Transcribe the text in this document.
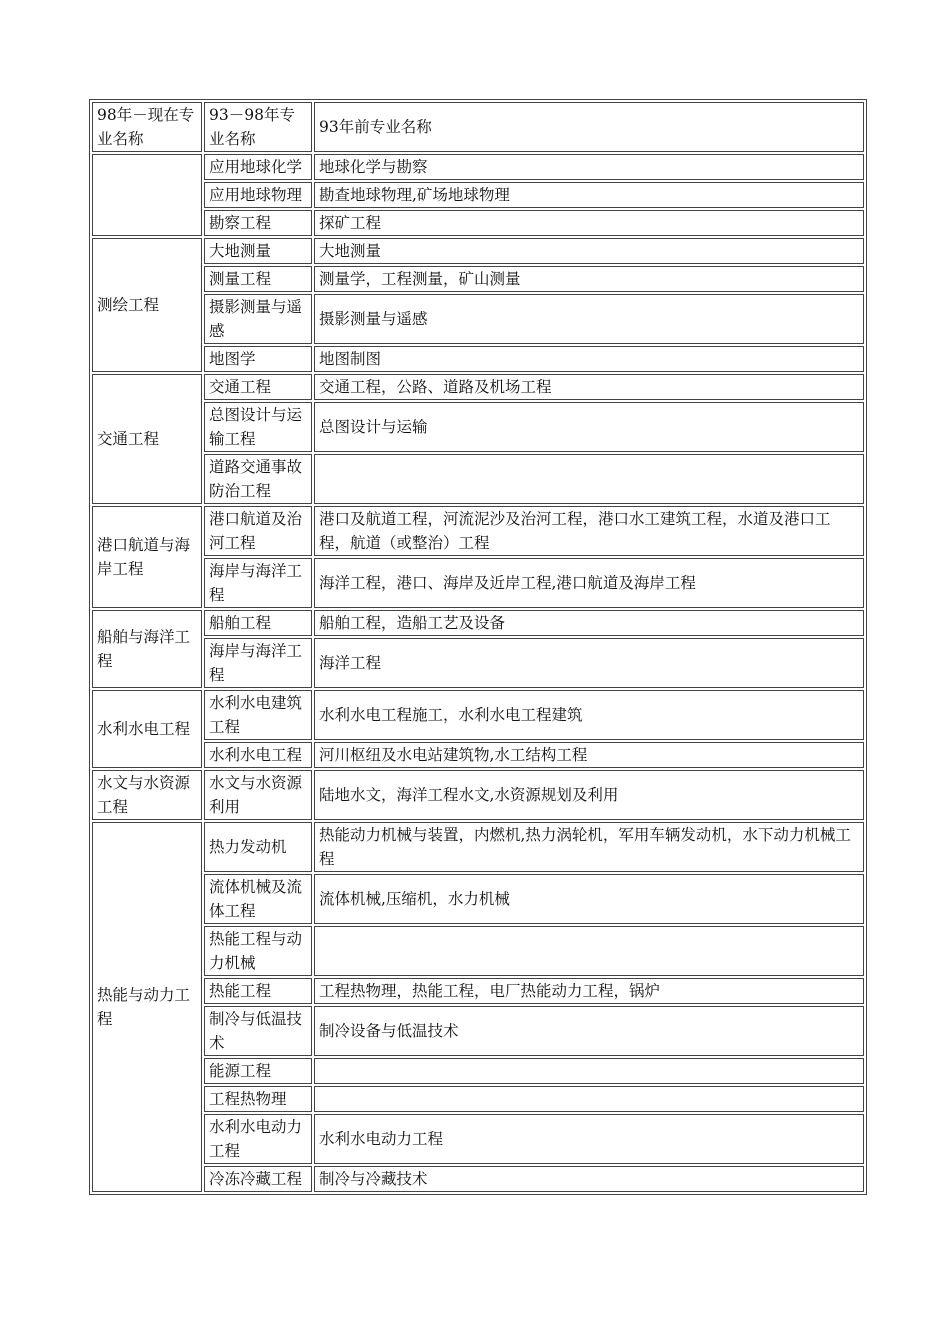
98年－现在专业名称	93－98年专业名称	93年前专业名称
	应用地球化学	地球化学与勘察
	应用地球物理	勘查地球物理,矿场地球物理
	勘察工程	探矿工程
测绘工程	大地测量	大地测量
	测量工程	测量学，工程测量，矿山测量
	摄影测量与遥感	摄影测量与遥感
	地图学	地图制图
交通工程	交通工程	交通工程，公路、道路及机场工程
	总图设计与运输工程	总图设计与运输
	道路交通事故防治工程	
港口航道与海岸工程	港口航道及治河工程	港口及航道工程，河流泥沙及治河工程，港口水工建筑工程，水道及港口工程，航道（或整治）工程
	海岸与海洋工程	海洋工程，港口、海岸及近岸工程,港口航道及海岸工程
船舶与海洋工程	船舶工程	船舶工程，造船工艺及设备
	海岸与海洋工程	海洋工程
水利水电工程	水利水电建筑工程	水利水电工程施工，水利水电工程建筑
	水利水电工程	河川枢纽及水电站建筑物,水工结构工程
水文与水资源工程	水文与水资源利用	陆地水文，海洋工程水文,水资源规划及利用
热能与动力工程	热力发动机	热能动力机械与装置，内燃机,热力涡轮机，军用车辆发动机，水下动力机械工程
	流体机械及流体工程	流体机械,压缩机，水力机械
	热能工程与动力机械	
	热能工程	工程热物理，热能工程，电厂热能动力工程，锅炉
	制冷与低温技术	制冷设备与低温技术
	能源工程	
	工程热物理	
	水利水电动力工程	水利水电动力工程
	冷冻冷藏工程	制冷与冷藏技术
